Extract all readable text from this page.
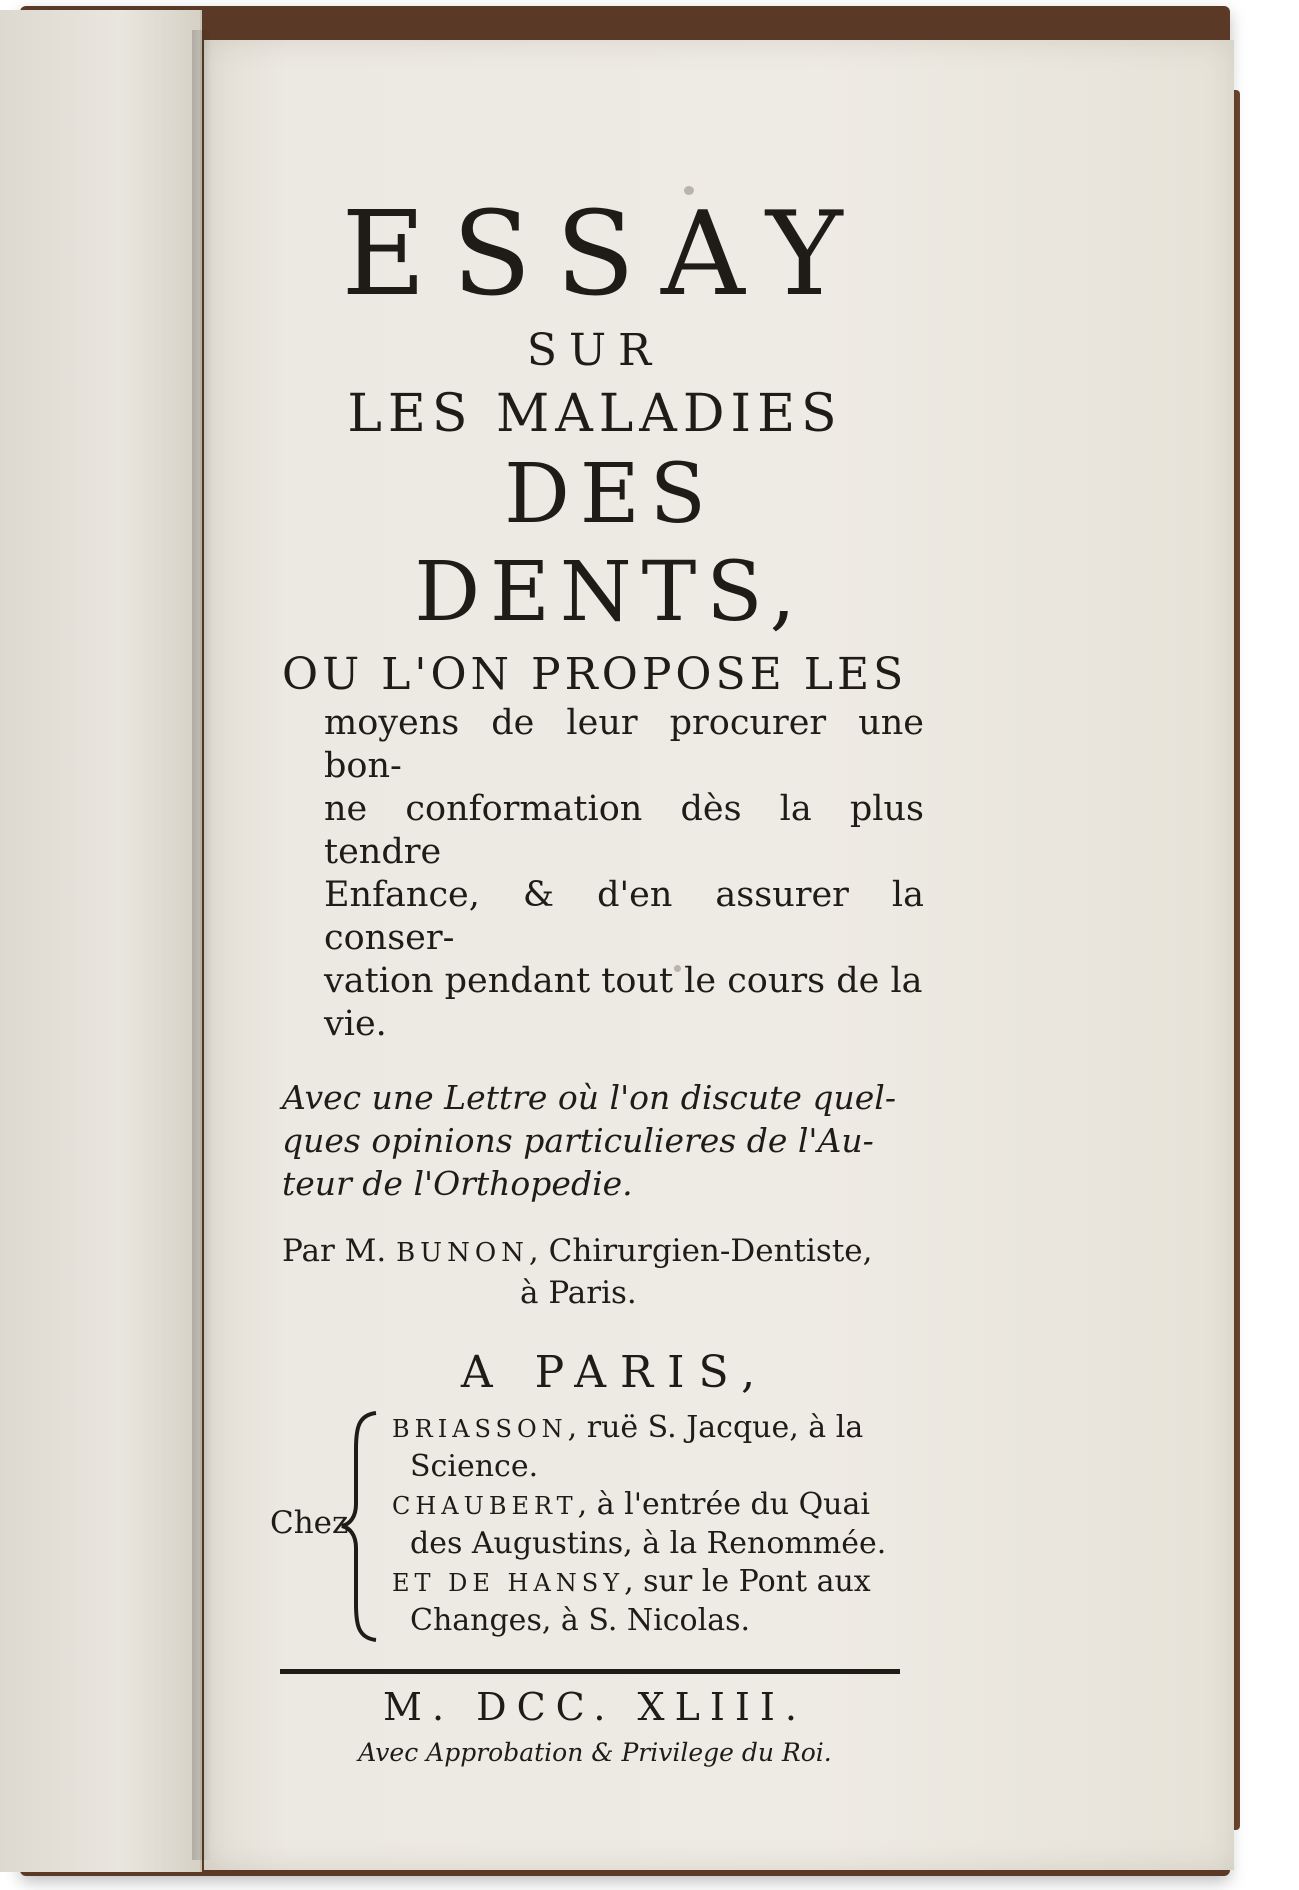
ESSAY
SUR
LES MALADIES
DES DENTS,
OU L'ON PROPOSE LES
moyens de leur procurer une bon-
ne conformation dès la plus tendre
Enfance, & d'en assurer la conser-
vation pendant tout le cours de la
vie.
Avec une Lettre où l'on discute quel-
ques opinions particulieres de l'Au-
teur de l'Orthopedie.
Par M. BUNON, Chirurgien-Dentiste,
à Paris.
A PARIS,
Chez
BRIASSON, ruë S. Jacque, à la
Science.
CHAUBERT, à l'entrée du Quai
des Augustins, à la Renommée.
ET DE HANSY, sur le Pont aux
Changes, à S. Nicolas.
M. DCC. XLIII.
Avec Approbation & Privilege du Roi.
